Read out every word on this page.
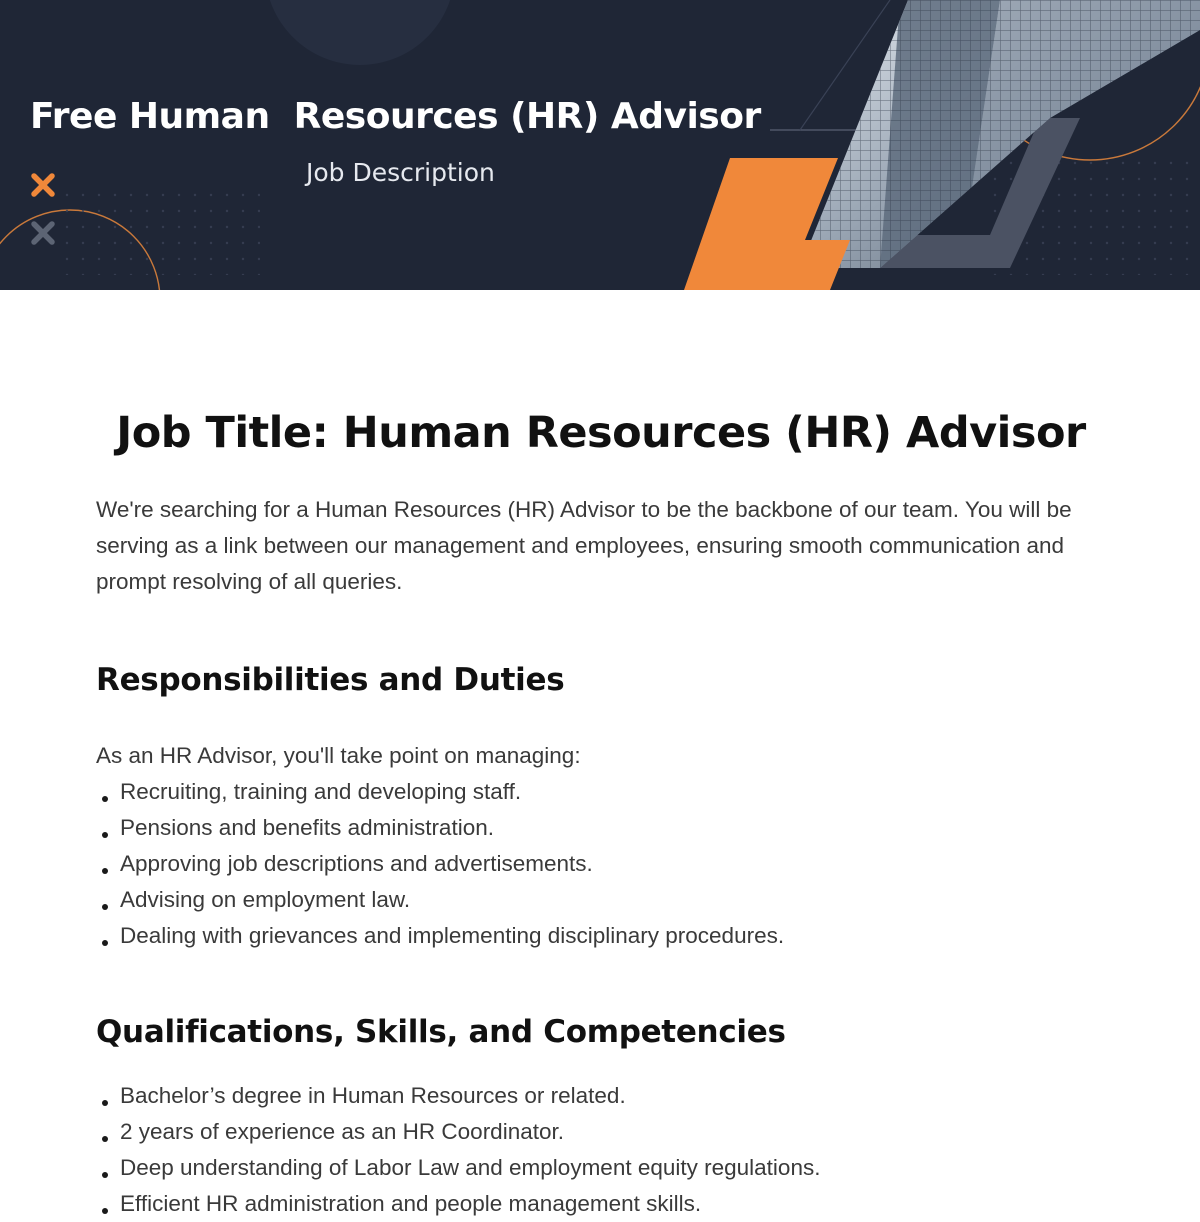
Free Human  Resources (HR) Advisor

Job Description

Job Title: Human Resources (HR) Advisor

We're searching for a Human Resources (HR) Advisor to be the backbone of our team. You will be serving as a link between our management and employees, ensuring smooth communication and prompt resolving of all queries.

Responsibilities and Duties

As an HR Advisor, you'll take point on managing:

Recruiting, training and developing staff.
Pensions and benefits administration.
Approving job descriptions and advertisements.
Advising on employment law.
Dealing with grievances and implementing disciplinary procedures.
Qualifications, Skills, and Competencies
Bachelor’s degree in Human Resources or related.
2 years of experience as an HR Coordinator.
Deep understanding of Labor Law and employment equity regulations.
Efficient HR administration and people management skills.
